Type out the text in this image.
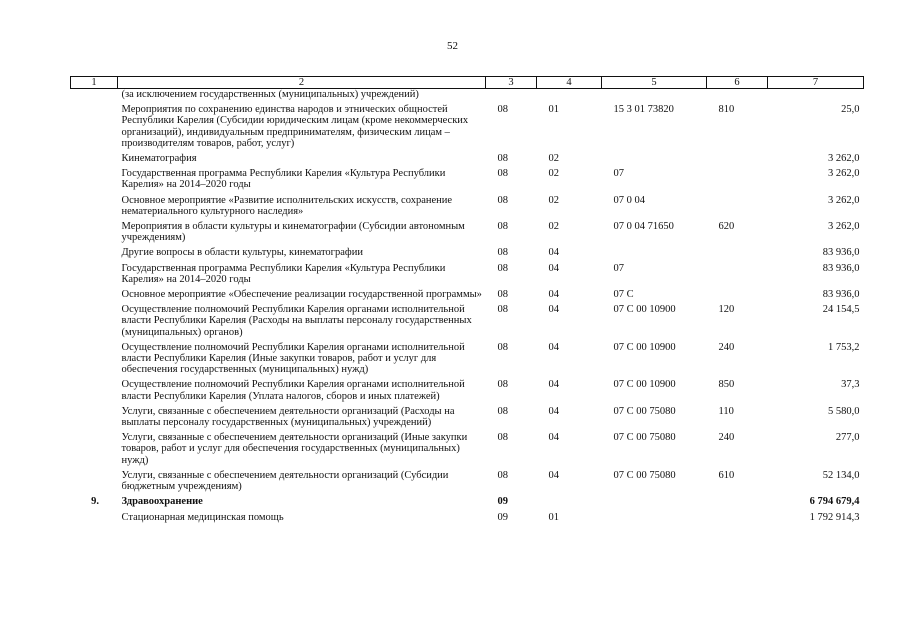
52
1	2	3	4	5	6	7
	(за исключением государственных (муниципальных) учреждений)					
	Мероприятия по сохранению единства народов и этнических общностей Республики Карелия (Субсидии юридическим лицам (кроме некоммерческих организаций), индивидуальным предпринимателям, физическим лицам – производителям товаров, работ, услуг)	08	01	15 3 01 73820	810	25,0
	Кинематография	08	02			3 262,0
	Государственная программа Республики Карелия «Культура Республики Карелия» на 2014–2020 годы	08	02	07		3 262,0
	Основное мероприятие «Развитие исполнительских искусств, сохранение нематериального культурного наследия»	08	02	07 0 04		3 262,0
	Мероприятия в области культуры и кинематографии (Субсидии автономным учреждениям)	08	02	07 0 04 71650	620	3 262,0
	Другие вопросы в области культуры, кинематографии	08	04			83 936,0
	Государственная программа Республики Карелия «Культура Республики Карелия» на 2014–2020 годы	08	04	07		83 936,0
	Основное мероприятие «Обеспечение реализации государственной программы»	08	04	07 С		83 936,0
	Осуществление полномочий Республики Карелия органами исполнительной власти Республики Карелия (Расходы на выплаты персоналу государственных (муниципальных) органов)	08	04	07 С 00 10900	120	24 154,5
	Осуществление полномочий Республики Карелия органами исполнительной власти Республики Карелия (Иные закупки товаров, работ и услуг для обеспечения государственных (муниципальных) нужд)	08	04	07 С 00 10900	240	1 753,2
	Осуществление полномочий Республики Карелия органами исполнительной власти Республики Карелия (Уплата налогов, сборов и иных платежей)	08	04	07 С 00 10900	850	37,3
	Услуги, связанные с обеспечением деятельности организаций (Расходы на выплаты персоналу государственных (муниципальных) учреждений)	08	04	07 С 00 75080	110	5 580,0
	Услуги, связанные с обеспечением деятельности организаций (Иные закупки товаров, работ и услуг для обеспечения государственных (муниципальных) нужд)	08	04	07 С 00 75080	240	277,0
	Услуги, связанные с обеспечением деятельности организаций (Субсидии бюджетным учреждениям)	08	04	07 С 00 75080	610	52 134,0
9.	Здравоохранение	09				6 794 679,4
	Стационарная медицинская помощь	09	01			1 792 914,3
